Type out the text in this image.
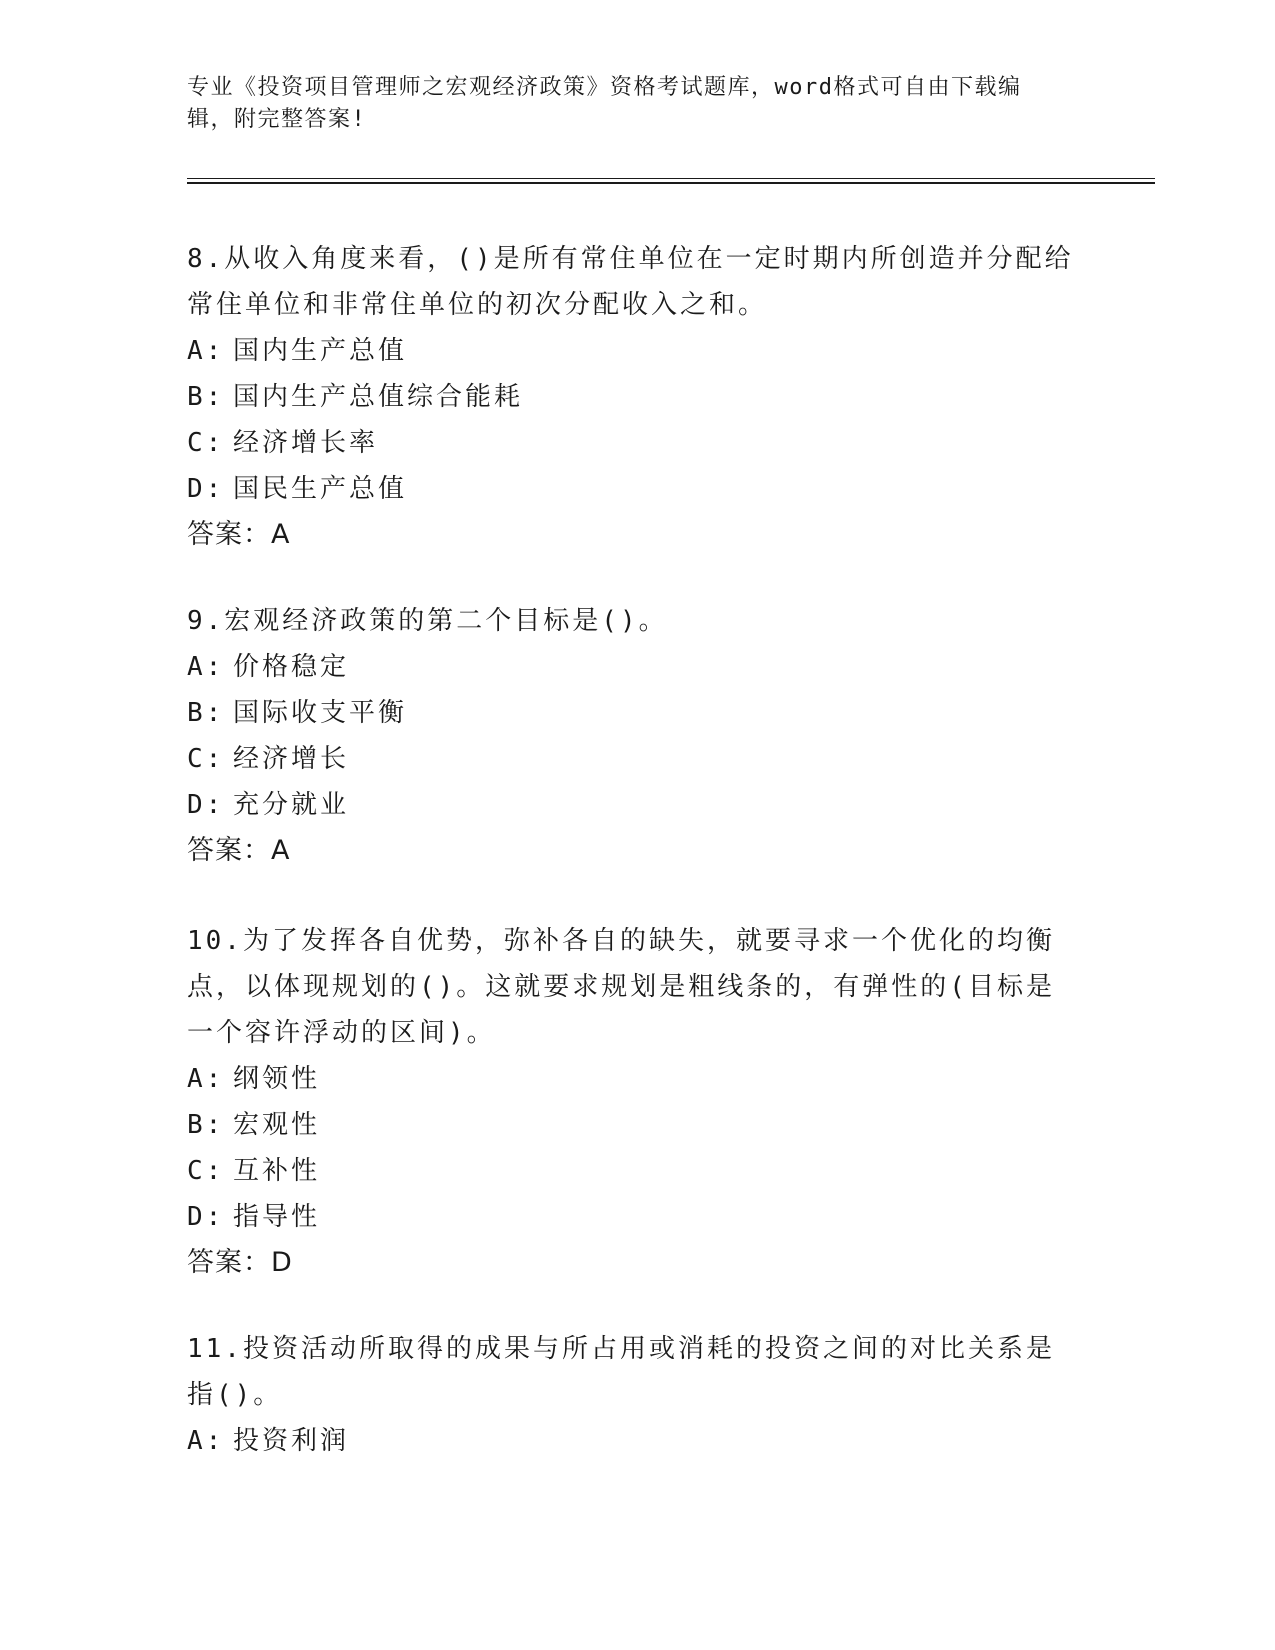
专业《投资项目管理师之宏观经济政策》资格考试题库，word格式可自由下载编辑，附完整答案!

8.从收入角度来看，()是所有常住单位在一定时期内所创造并分配给常住单位和非常住单位的初次分配收入之和。

A: 国内生产总值

B: 国内生产总值综合能耗

C: 经济增长率

D: 国民生产总值

答案：A

9.宏观经济政策的第二个目标是()。

A: 价格稳定

B: 国际收支平衡

C: 经济增长

D: 充分就业

答案：A

10.为了发挥各自优势，弥补各自的缺失，就要寻求一个优化的均衡点，以体现规划的()。这就要求规划是粗线条的，有弹性的(目标是一个容许浮动的区间)。

A: 纲领性

B: 宏观性

C: 互补性

D: 指导性

答案：D

11.投资活动所取得的成果与所占用或消耗的投资之间的对比关系是指()。

A: 投资利润
